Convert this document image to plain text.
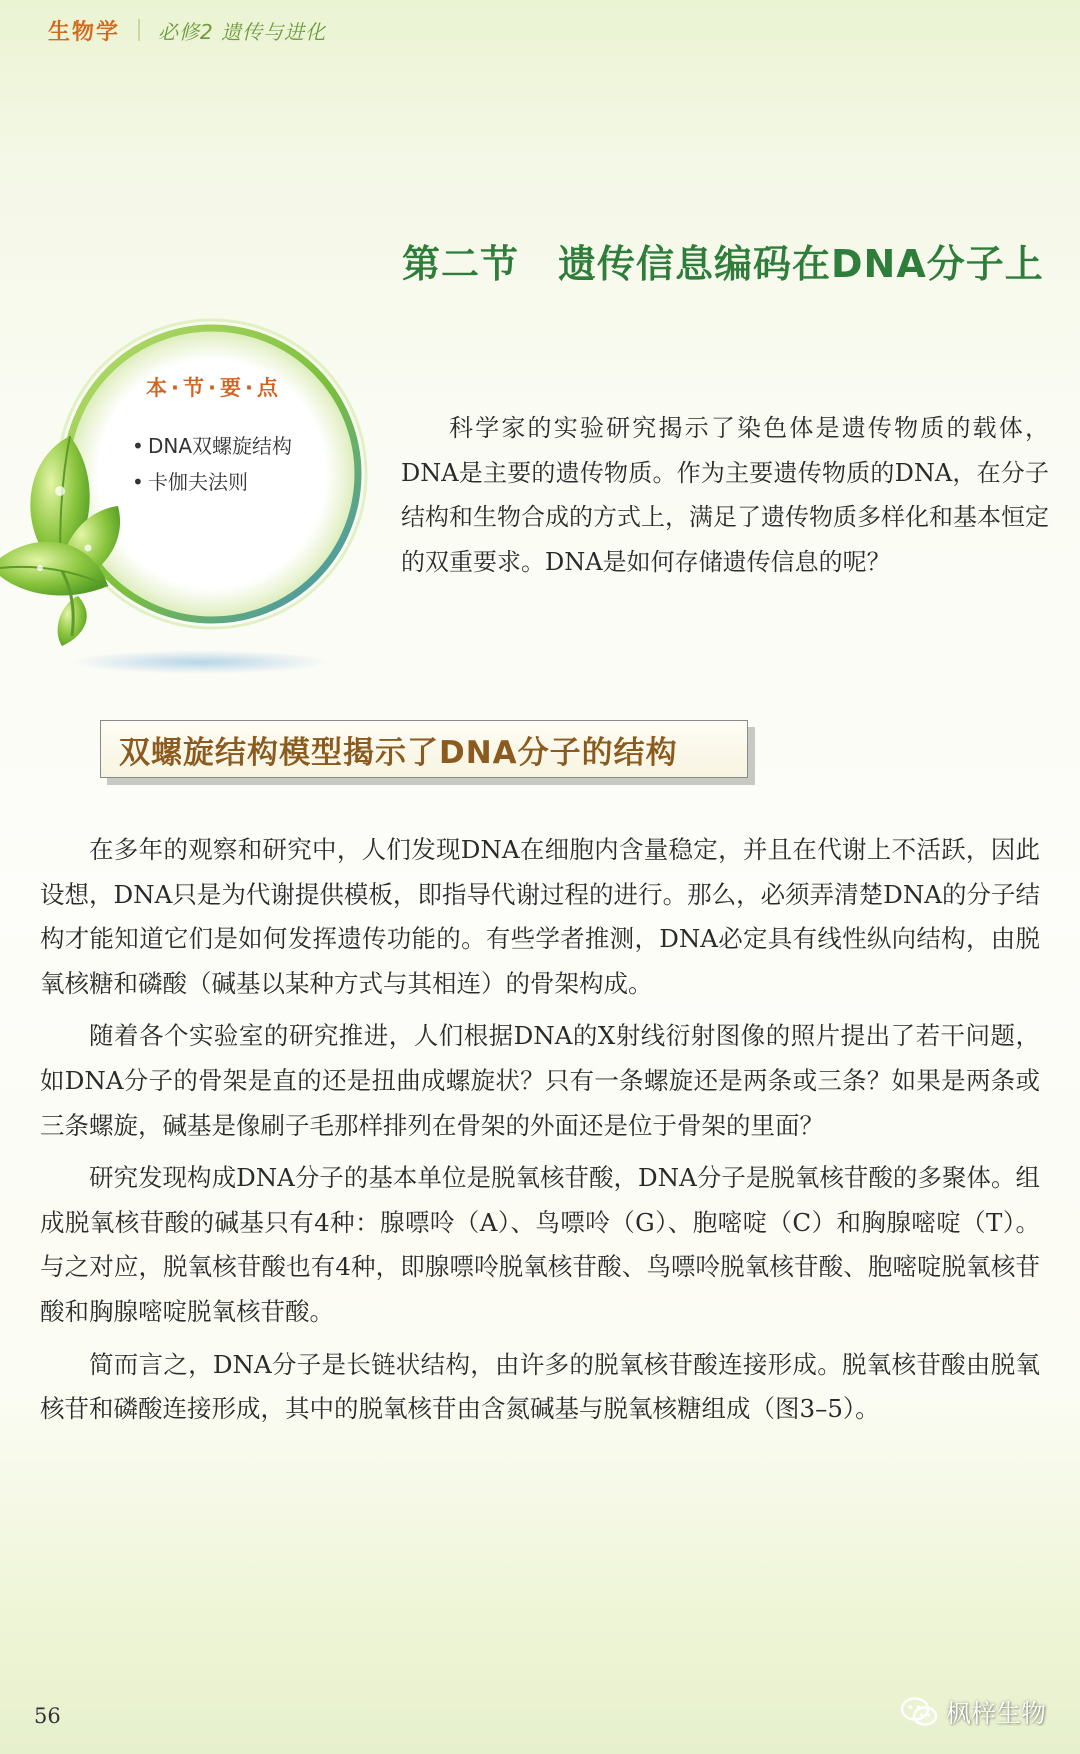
生物学 必修2 遗传与进化
第二节　遗传信息编码在DNA分子上
本·节·要·点
• DNA双螺旋结构
• 卡伽夫法则

科学家的实验研究揭示了染色体是遗传物质的载体，DNA是主要的遗传物质。作为主要遗传物质的DNA，在分子结构和生物合成的方式上，满足了遗传物质多样化和基本恒定的双重要求。DNA是如何存储遗传信息的呢？

双螺旋结构模型揭示了DNA分子的结构

在多年的观察和研究中，人们发现DNA在细胞内含量稳定，并且在代谢上不活跃，因此设想，DNA只是为代谢提供模板，即指导代谢过程的进行。那么，必须弄清楚DNA的分子结构才能知道它们是如何发挥遗传功能的。有些学者推测，DNA必定具有线性纵向结构，由脱氧核糖和磷酸（碱基以某种方式与其相连）的骨架构成。

随着各个实验室的研究推进，人们根据DNA的X射线衍射图像的照片提出了若干问题，如DNA分子的骨架是直的还是扭曲成螺旋状？只有一条螺旋还是两条或三条？如果是两条或三条螺旋，碱基是像刷子毛那样排列在骨架的外面还是位于骨架的里面？

研究发现构成DNA分子的基本单位是脱氧核苷酸，DNA分子是脱氧核苷酸的多聚体。组成脱氧核苷酸的碱基只有4种：腺嘌呤（A）、鸟嘌呤（G）、胞嘧啶（C）和胸腺嘧啶（T）。与之对应，脱氧核苷酸也有4种，即腺嘌呤脱氧核苷酸、鸟嘌呤脱氧核苷酸、胞嘧啶脱氧核苷酸和胸腺嘧啶脱氧核苷酸。

简而言之，DNA分子是长链状结构，由许多的脱氧核苷酸连接形成。脱氧核苷酸由脱氧核苷和磷酸连接形成，其中的脱氧核苷由含氮碱基与脱氧核糖组成（图3–5）。

56	枫梓生物
